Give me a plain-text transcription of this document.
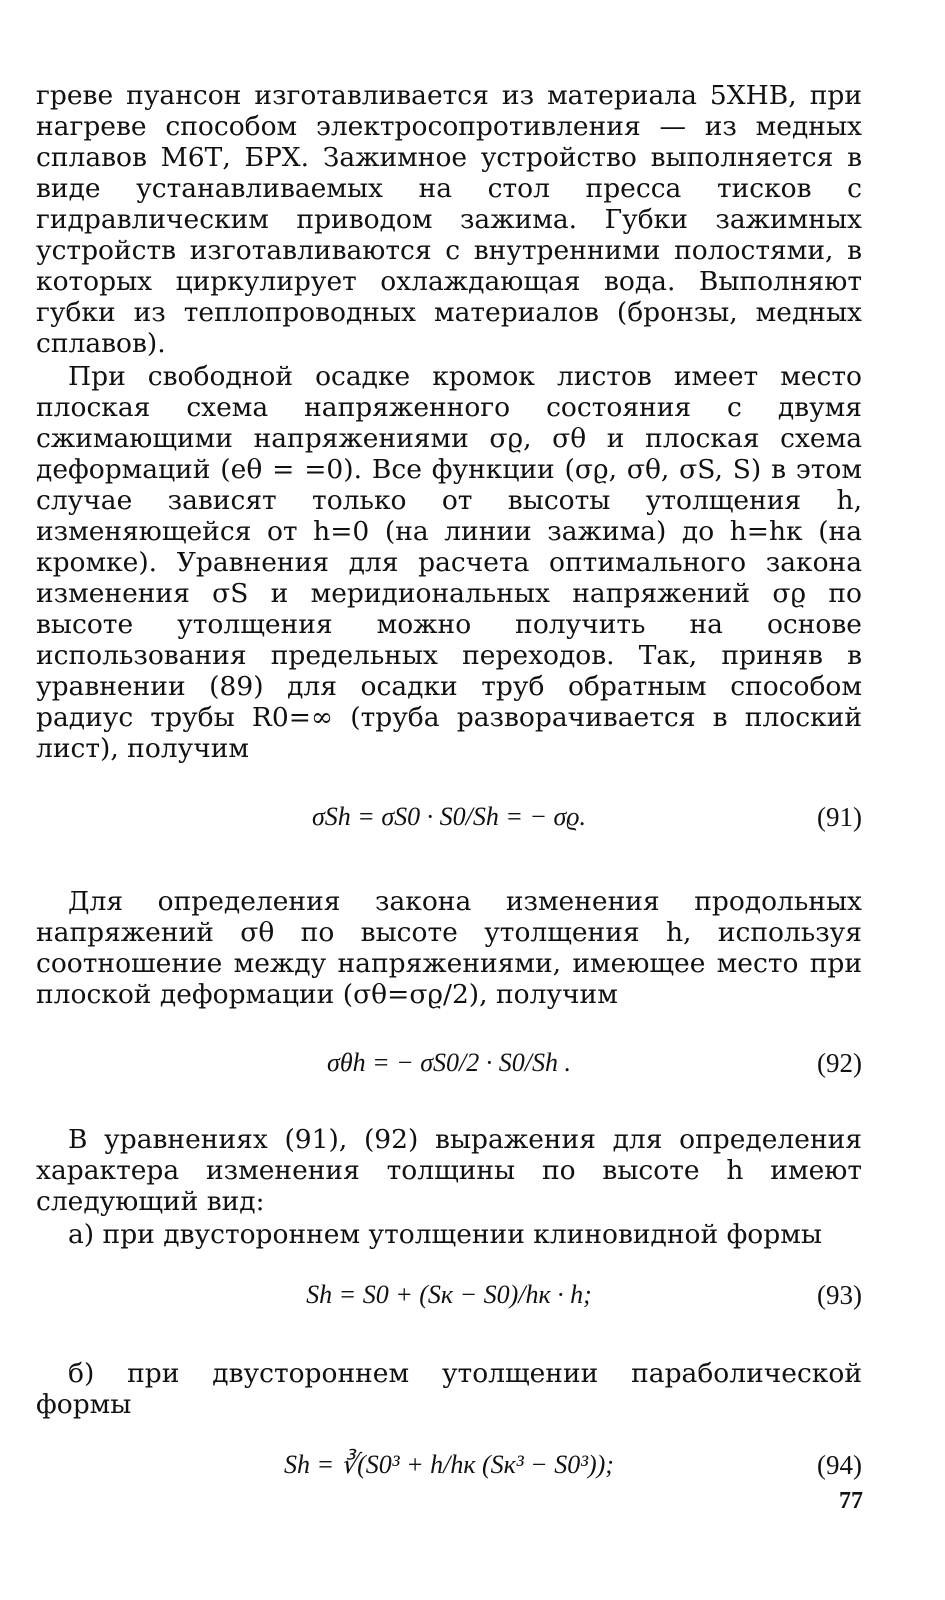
греве пуансон изготавливается из материала 5ХНВ, при нагреве способом электросопротивления — из медных сплавов М6Т, БРХ. Зажимное устройство выполняется в виде устанавливаемых на стол пресса тисков с гидравлическим приводом зажима. Губки зажимных устройств изготавливаются с внутренними полостями, в которых циркулирует охлаждающая вода. Выполняют губки из теплопроводных материалов (бронзы, медных сплавов).

При свободной осадке кромок листов имеет место плоская схема напряженного состояния с двумя сжимающими напряжениями σϱ, σθ и плоская схема деформаций (eθ = =0). Все функции (σϱ, σθ, σS, S) в этом случае зависят только от высоты утолщения h, изменяющейся от h=0 (на линии зажима) до h=hк (на кромке). Уравнения для расчета оптимального закона изменения σS и меридиональных напряжений σϱ по высоте утолщения можно получить на основе использования предельных переходов. Так, приняв в уравнении (89) для осадки труб обратным способом радиус трубы R0=∞ (труба разворачивается в плоский лист), получим

σSh = σS0 · S0/Sh = − σϱ.	(91)

Для определения закона изменения продольных напряжений σθ по высоте утолщения h, используя соотношение между напряжениями, имеющее место при плоской деформации (σθ=σϱ/2), получим

σθh = − σS0/2 · S0/Sh .	(92)

В уравнениях (91), (92) выражения для определения характера изменения толщины по высоте h имеют следующий вид:

а) при двустороннем утолщении клиновидной формы

Sh = S0 + (Sк − S0)/hк · h;	(93)

б) при двустороннем утолщении параболической формы

Sh = ∛(S0³ + h/hк (Sк³ − S0³));	(94)
77
